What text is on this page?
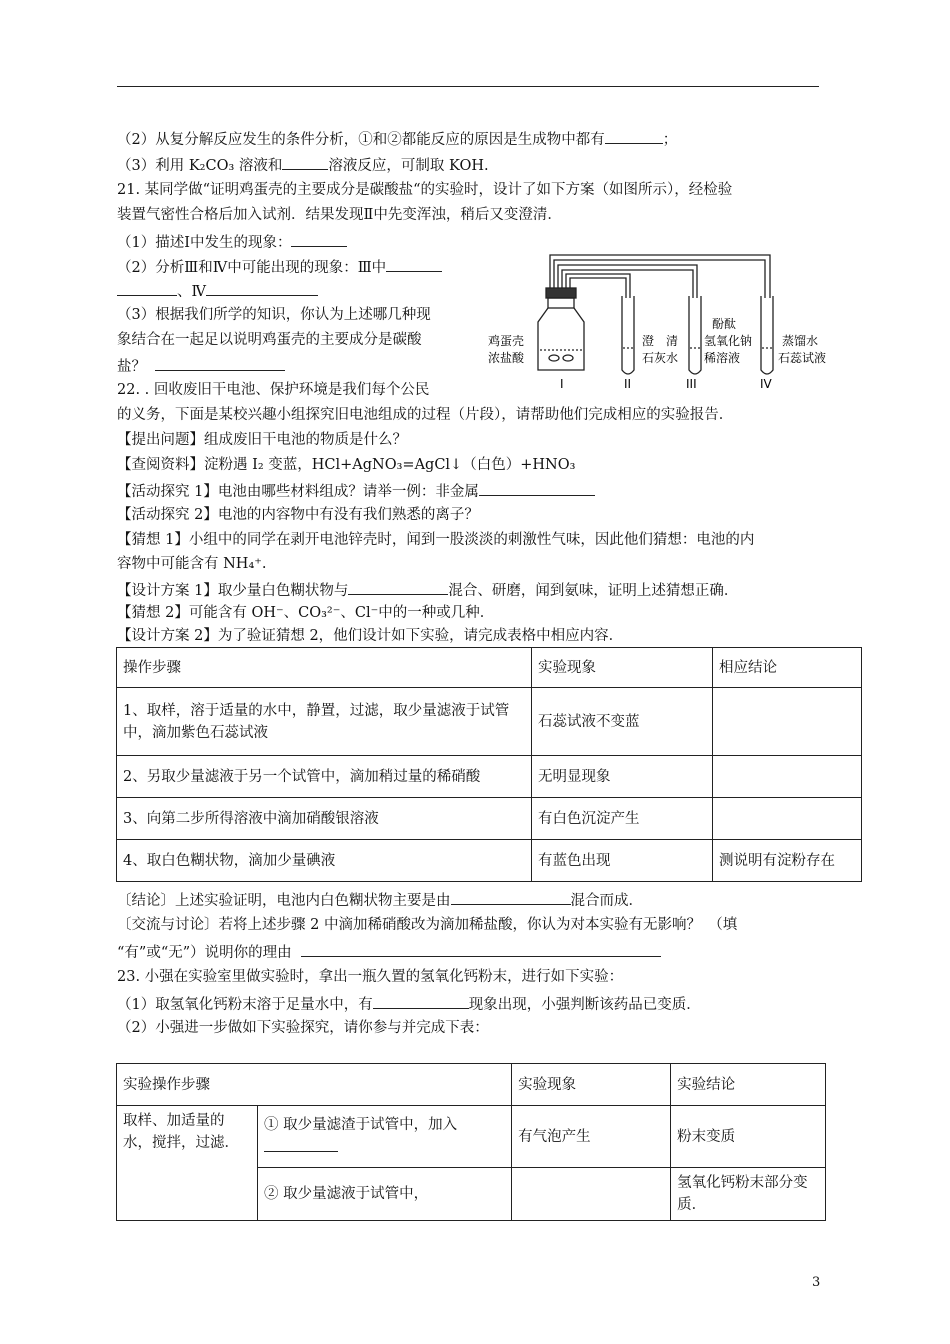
（2）从复分解反应发生的条件分析，①和②都能反应的原因是生成物中都有	；
（3）利用 K₂CO₃ 溶液和	溶液反应，可制取 KOH.
21. 某同学做“证明鸡蛋壳的主要成分是碳酸盐“的实验时，设计了如下方案（如图所示），经检验
装置气密性合格后加入试剂．结果发现Ⅱ中先变浑浊，稍后又变澄清．
（1）描述Ⅰ中发生的现象：
（2）分析Ⅲ和Ⅳ中可能出现的现象：Ⅲ中
、Ⅳ
（3）根据我们所学的知识，你认为上述哪几种现
象结合在一起足以说明鸡蛋壳的主要成分是碳酸
盐？
鸡蛋壳
浓盐酸
澄　清
石灰水
酚酞
氢氧化钠
稀溶液
蒸馏水
石蕊试液
I	II	III	IV
22. . 回收废旧干电池、保护环境是我们每个公民
的义务，下面是某校兴趣小组探究旧电池组成的过程（片段），请帮助他们完成相应的实验报告．
【提出问题】组成废旧干电池的物质是什么？
【查阅资料】淀粉遇 I₂ 变蓝，HCl+AgNO₃=AgCl↓（白色）+HNO₃
【活动探究 1】电池由哪些材料组成？请举一例：非金属
【活动探究 2】电池的内容物中有没有我们熟悉的离子？
【猜想 1】小组中的同学在剥开电池锌壳时，闻到一股淡淡的刺激性气味，因此他们猜想：电池的内
容物中可能含有 NH₄⁺.
【设计方案 1】取少量白色糊状物与	混合、研磨，闻到氨味，证明上述猜想正确．
【猜想 2】可能含有 OH⁻、CO₃²⁻、Cl⁻中的一种或几种．
【设计方案 2】为了验证猜想 2，他们设计如下实验，请完成表格中相应内容．
操作步骤	实验现象	相应结论
1、取样，溶于适量的水中，静置，过滤，取少量滤液于试管中，滴加紫色石蕊试液	石蕊试液不变蓝	
2、另取少量滤液于另一个试管中，滴加稍过量的稀硝酸	无明显现象	
3、向第二步所得溶液中滴加硝酸银溶液	有白色沉淀产生	
4、取白色糊状物，滴加少量碘液	有蓝色出现	测说明有淀粉存在
〔结论〕上述实验证明，电池内白色糊状物主要是由	混合而成．
〔交流与讨论〕若将上述步骤 2 中滴加稀硝酸改为滴加稀盐酸，你认为对本实验有无影响？　（填
“有”或“无”）说明你的理由
23. 小强在实验室里做实验时，拿出一瓶久置的氢氧化钙粉末，进行如下实验：
（1）取氢氧化钙粉末溶于足量水中，有	现象出现，小强判断该药品已变质．
（2）小强进一步做如下实验探究，请你参与并完成下表：
实验操作步骤		实验现象	实验结论
取样、加适量的水，搅拌，过滤．	① 取少量滤渣于试管中，加入	有气泡产生	粉末变质
	② 取少量滤液于试管中，		氢氧化钙粉末部分变质．
3
